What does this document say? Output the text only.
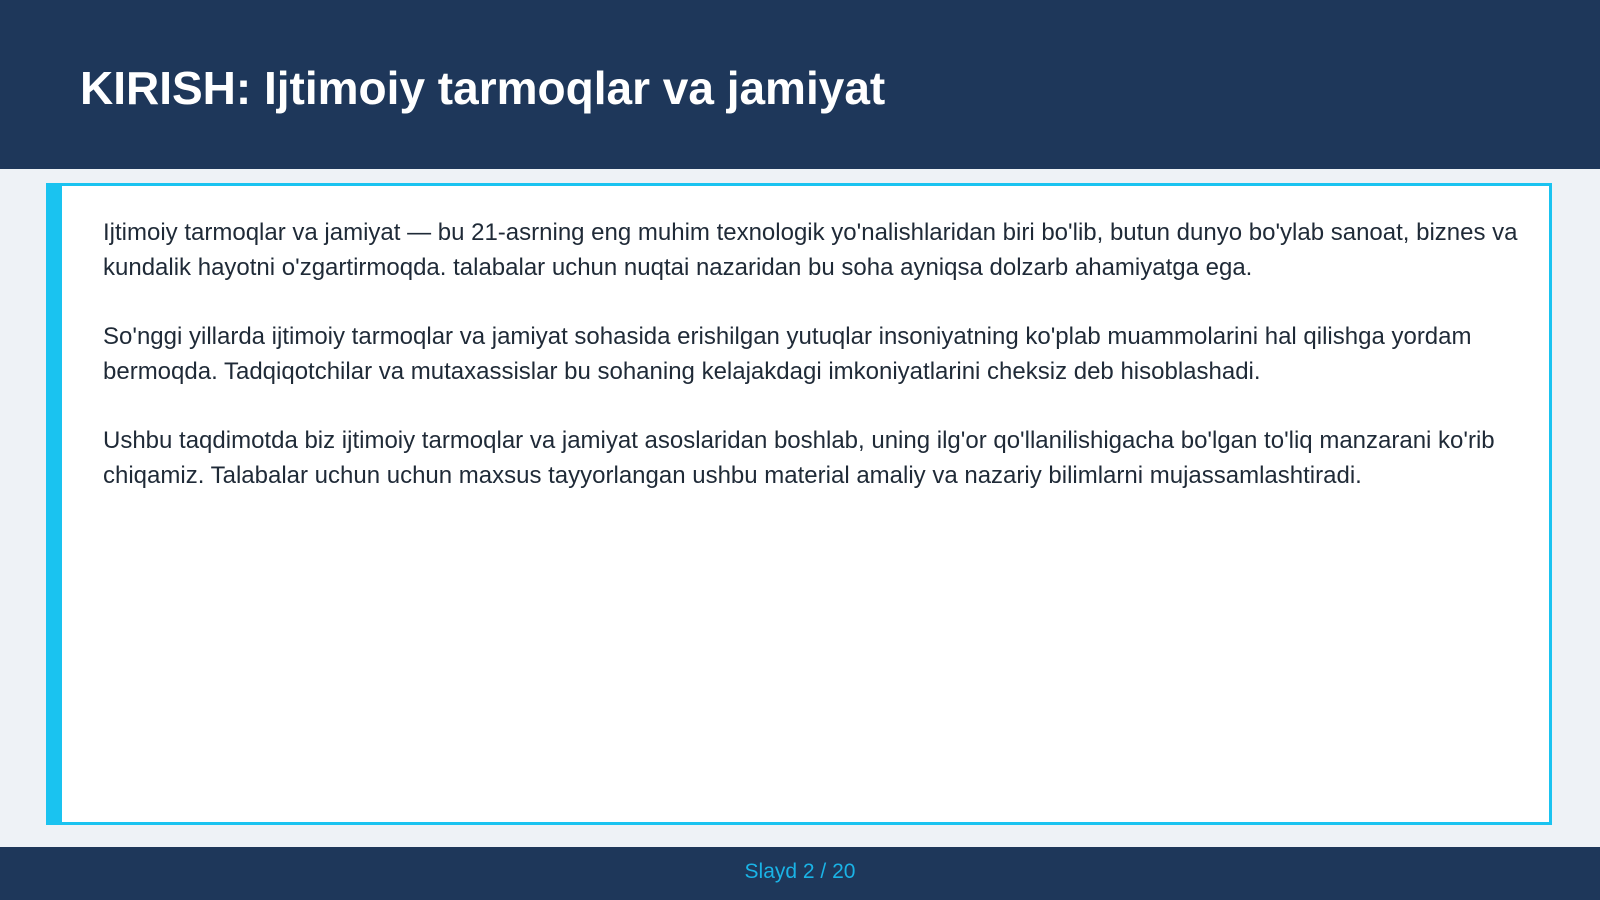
KIRISH: Ijtimoiy tarmoqlar va jamiyat

Ijtimoiy tarmoqlar va jamiyat — bu 21-asrning eng muhim texnologik yo'nalishlaridan biri bo'lib, butun dunyo bo'ylab sanoat, biznes va kundalik hayotni o'zgartirmoqda. talabalar uchun nuqtai nazaridan bu soha ayniqsa dolzarb ahamiyatga ega.

So'nggi yillarda ijtimoiy tarmoqlar va jamiyat sohasida erishilgan yutuqlar insoniyatning ko'plab muammolarini hal qilishga yordam bermoqda. Tadqiqotchilar va mutaxassislar bu sohaning kelajakdagi imkoniyatlarini cheksiz deb hisoblashadi.

Ushbu taqdimotda biz ijtimoiy tarmoqlar va jamiyat asoslaridan boshlab, uning ilg'or qo'llanilishigacha bo'lgan to'liq manzarani ko'rib chiqamiz. Talabalar uchun uchun maxsus tayyorlangan ushbu material amaliy va nazariy bilimlarni mujassamlashtiradi.

Slayd 2 / 20
